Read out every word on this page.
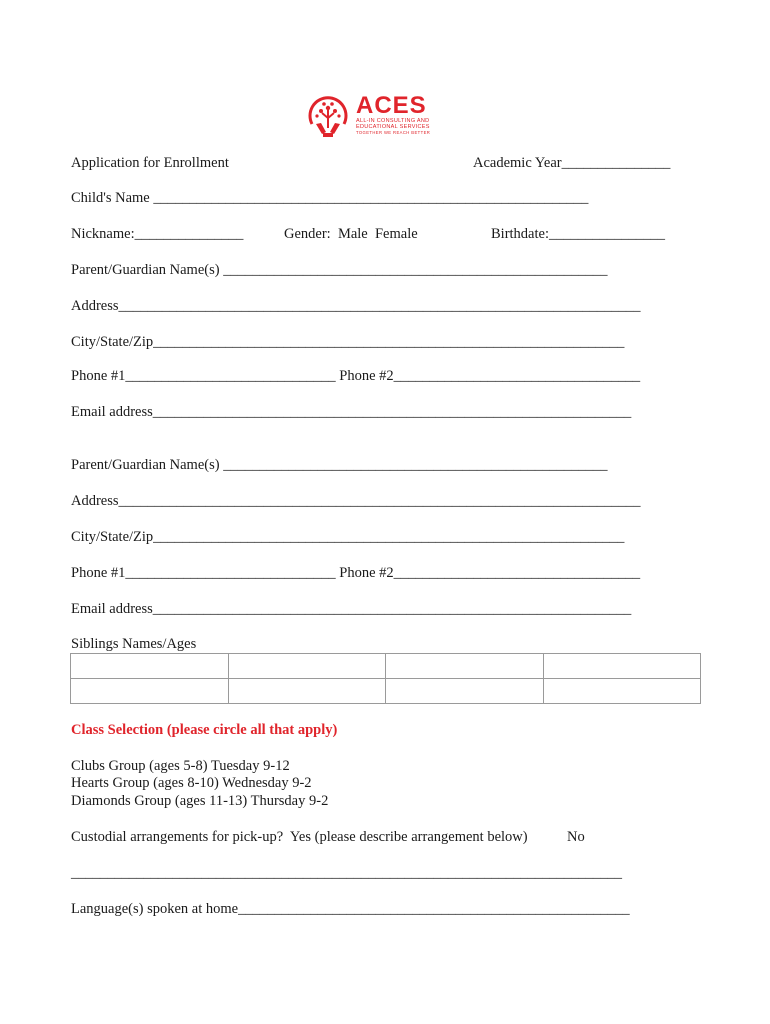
ACES
ALL-IN CONSULTING AND
EDUCATIONAL SERVICES
TOGETHER WE REACH BETTER
Application for Enrollment	Academic Year_______________
Child's Name ____________________________________________________________
Nickname:_______________	Gender:  Male  Female	Birthdate:________________
Parent/Guardian Name(s) _____________________________________________________
Address________________________________________________________________________
City/State/Zip_________________________________________________________________
Phone #1_____________________________ Phone #2__________________________________
Email address__________________________________________________________________
Parent/Guardian Name(s) _____________________________________________________
Address________________________________________________________________________
City/State/Zip_________________________________________________________________
Phone #1_____________________________ Phone #2__________________________________
Email address__________________________________________________________________
Siblings Names/Ages

Class Selection (please circle all that apply)
Clubs Group (ages 5-8) Tuesday 9-12
Hearts Group (ages 8-10) Wednesday 9-2
Diamonds Group (ages 11-13) Thursday 9-2
Custodial arrangements for pick-up?  Yes (please describe arrangement below)	No
____________________________________________________________________________
Language(s) spoken at home______________________________________________________
